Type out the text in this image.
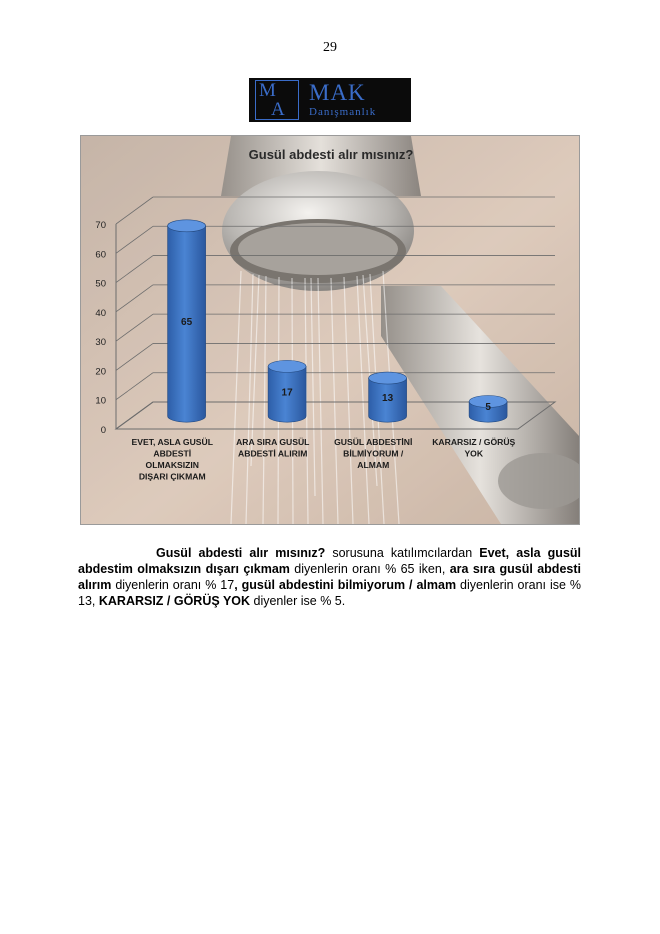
29
M
A
MAK
Danışmanlık
Gusül abdesti alır mısınız?
0
10
20
30
40
50
60
70
65
17
13
5
EVET, ASLA GUSÜL
ABDESTİ
OLMAKSIZIN
DIŞARI ÇIKMAM
ARA SIRA GUSÜL
ABDESTİ ALIRIM
GUSÜL ABDESTİNİ
BİLMİYORUM /
ALMAM
KARARSIZ / GÖRÜŞ
YOK
Gusül abdesti alır mısınız? sorusuna katılımcılardan Evet, asla gusül abdestim olmaksızın dışarı çıkmam diyenlerin oranı % 65 iken, ara sıra gusül abdesti alırım diyenlerin oranı % 17, gusül abdestini bilmiyorum / almam diyenlerin oranı ise % 13, KARARSIZ / GÖRÜŞ YOK diyenler ise % 5.
